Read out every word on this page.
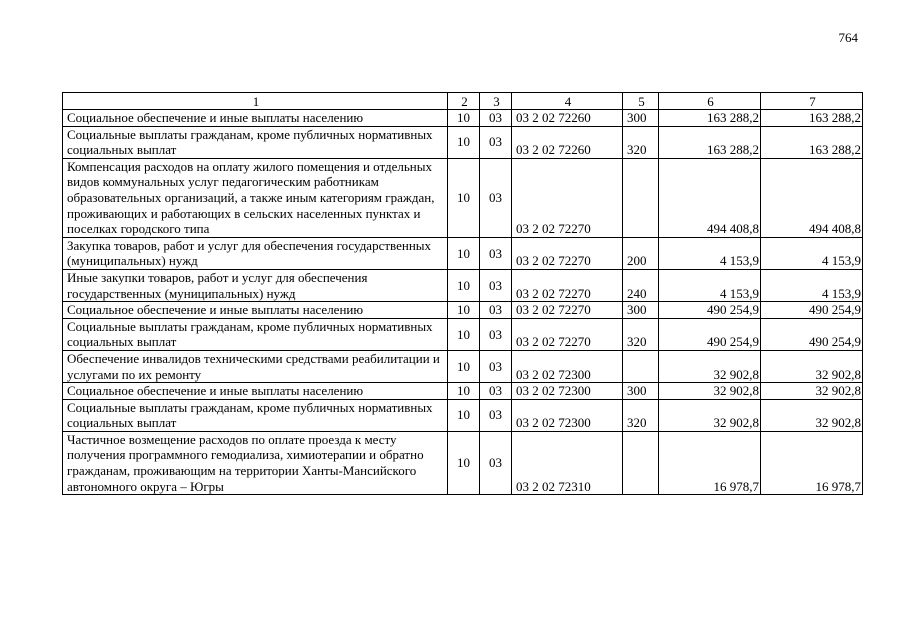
764
1	2	3	4	5	6	7
Социальное обеспечение и иные выплаты населению	10	03	03 2 02 72260	300	163 288,2	163 288,2
Социальные выплаты гражданам, кроме публичных нормативных социальных выплат	10	03	03 2 02 72260	320	163 288,2	163 288,2
Компенсация расходов на оплату жилого помещения и отдельных видов коммунальных услуг педагогическим работникам образовательных организаций, а также иным категориям граждан, проживающих и работающих в сельских населенных пунктах и поселках городского типа	10	03	03 2 02 72270		494 408,8	494 408,8
Закупка товаров, работ и услуг для обеспечения государственных (муниципальных) нужд	10	03	03 2 02 72270	200	4 153,9	4 153,9
Иные закупки товаров, работ и услуг для обеспечения государственных (муниципальных) нужд	10	03	03 2 02 72270	240	4 153,9	4 153,9
Социальное обеспечение и иные выплаты населению	10	03	03 2 02 72270	300	490 254,9	490 254,9
Социальные выплаты гражданам, кроме публичных нормативных социальных выплат	10	03	03 2 02 72270	320	490 254,9	490 254,9
Обеспечение инвалидов техническими средствами реабилитации и услугами по их ремонту	10	03	03 2 02 72300		32 902,8	32 902,8
Социальное обеспечение и иные выплаты населению	10	03	03 2 02 72300	300	32 902,8	32 902,8
Социальные выплаты гражданам, кроме публичных нормативных социальных выплат	10	03	03 2 02 72300	320	32 902,8	32 902,8
Частичное возмещение расходов по оплате проезда к месту получения программного гемодиализа, химиотерапии и обратно гражданам, проживающим на территории Ханты-Мансийского автономного округа – Югры	10	03	03 2 02 72310		16 978,7	16 978,7
